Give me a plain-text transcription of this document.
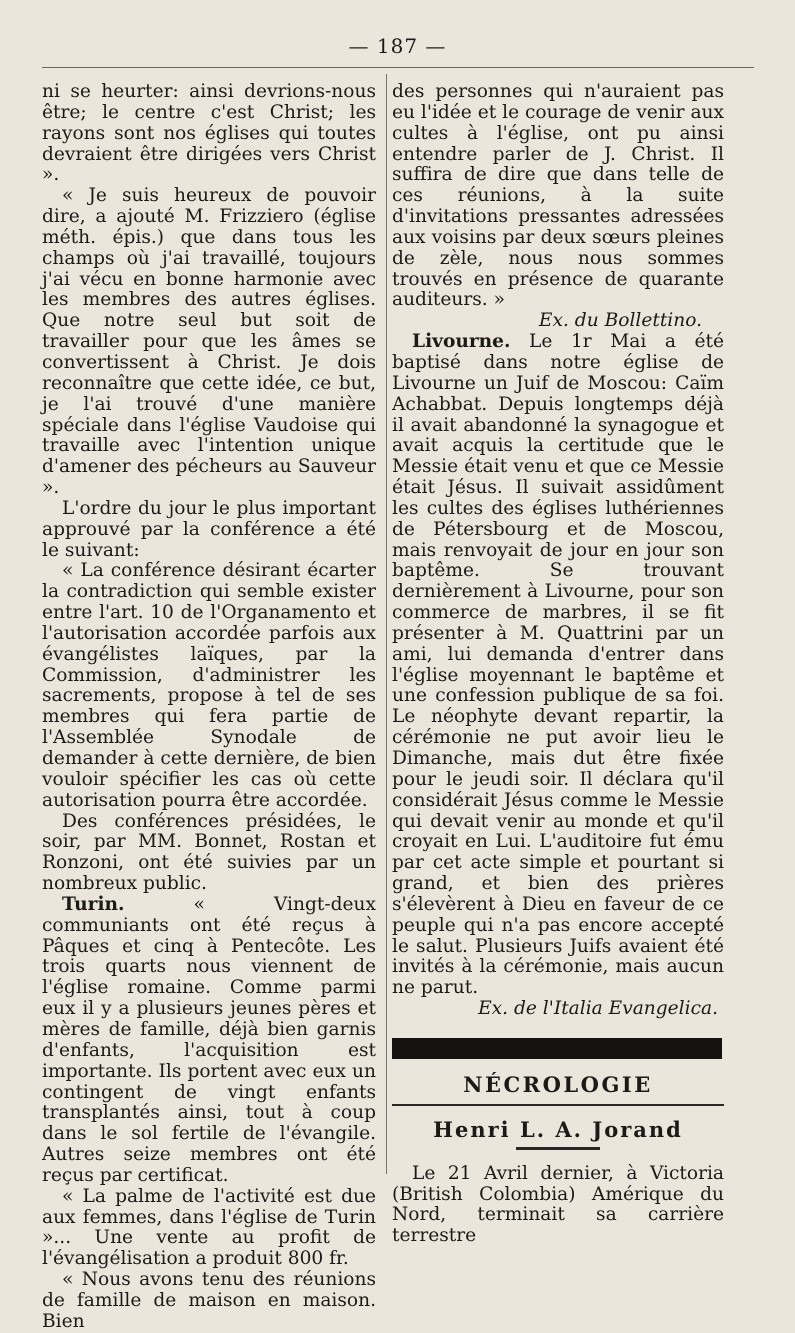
— 187 —

ni se heurter: ainsi devrions-nous être; le centre c'est Christ; les rayons sont nos églises qui toutes devraient être dirigées vers Christ ».

« Je suis heureux de pouvoir dire, a ajouté M. Frizziero (église méth. épis.) que dans tous les champs où j'ai travaillé, toujours j'ai vécu en bonne harmonie avec les membres des autres églises. Que notre seul but soit de travailler pour que les âmes se convertissent à Christ. Je dois reconnaître que cette idée, ce but, je l'ai trouvé d'une manière spéciale dans l'église Vaudoise qui travaille avec l'intention unique d'amener des pécheurs au Sauveur ».

L'ordre du jour le plus important approuvé par la conférence a été le suivant:

« La conférence désirant écarter la contradiction qui semble exister entre l'art. 10 de l'Organamento et l'autorisation accordée parfois aux évangélistes laïques, par la Commission, d'administrer les sacrements, propose à tel de ses membres qui fera partie de l'Assemblée Synodale de demander à cette dernière, de bien vouloir spécifier les cas où cette autorisation pourra être accordée.

Des conférences présidées, le soir, par MM. Bonnet, Rostan et Ronzoni, ont été suivies par un nombreux public.

Turin.	« Vingt-deux communiants ont été reçus à Pâques et cinq à Pentecôte. Les trois quarts nous viennent de l'église romaine. Comme parmi eux il y a plusieurs jeunes pères et mères de famille, déjà bien garnis d'enfants, l'acquisition est importante. Ils portent avec eux un contingent de vingt enfants transplantés ainsi, tout à coup dans le sol fertile de l'évangile. Autres seize membres ont été reçus par certificat.

« La palme de l'activité est due aux femmes, dans l'église de Turin »... Une vente au profit de l'évangélisation a produit 800 fr.

« Nous avons tenu des réunions de famille de maison en maison. Bien

des personnes qui n'auraient pas eu l'idée et le courage de venir aux cultes à l'église, ont pu ainsi entendre parler de J. Christ. Il suffira de dire que dans telle de ces réunions, à la suite d'invitations pressantes adressées aux voisins par deux sœurs pleines de zèle, nous nous sommes trouvés en présence de quarante auditeurs. »

Ex. du Bollettino.

Livourne. Le 1r Mai a été baptisé dans notre église de Livourne un Juif de Moscou: Caïm Achabbat. Depuis longtemps déjà il avait abandonné la synagogue et avait acquis la certitude que le Messie était venu et que ce Messie était Jésus. Il suivait assidûment les cultes des églises luthériennes de Pétersbourg et de Moscou, mais renvoyait de jour en jour son baptême. Se trouvant dernièrement à Livourne, pour son commerce de marbres, il se fit présenter à M. Quattrini par un ami, lui demanda d'entrer dans l'église moyennant le baptême et une confession publique de sa foi. Le néophyte devant repartir, la cérémonie ne put avoir lieu le Dimanche, mais dut être fixée pour le jeudi soir. Il déclara qu'il considérait Jésus comme le Messie qui devait venir au monde et qu'il croyait en Lui. L'auditoire fut ému par cet acte simple et pourtant si grand, et bien des prières s'élevèrent à Dieu en faveur de ce peuple qui n'a pas encore accepté le salut. Plusieurs Juifs avaient été invités à la cérémonie, mais aucun ne parut.

Ex. de l'Italia Evangelica.

NÉCROLOGIE
Henri L. A. Jorand

Le 21 Avril dernier, à Victoria (British Colombia) Amérique du Nord, terminait sa carrière terrestre
